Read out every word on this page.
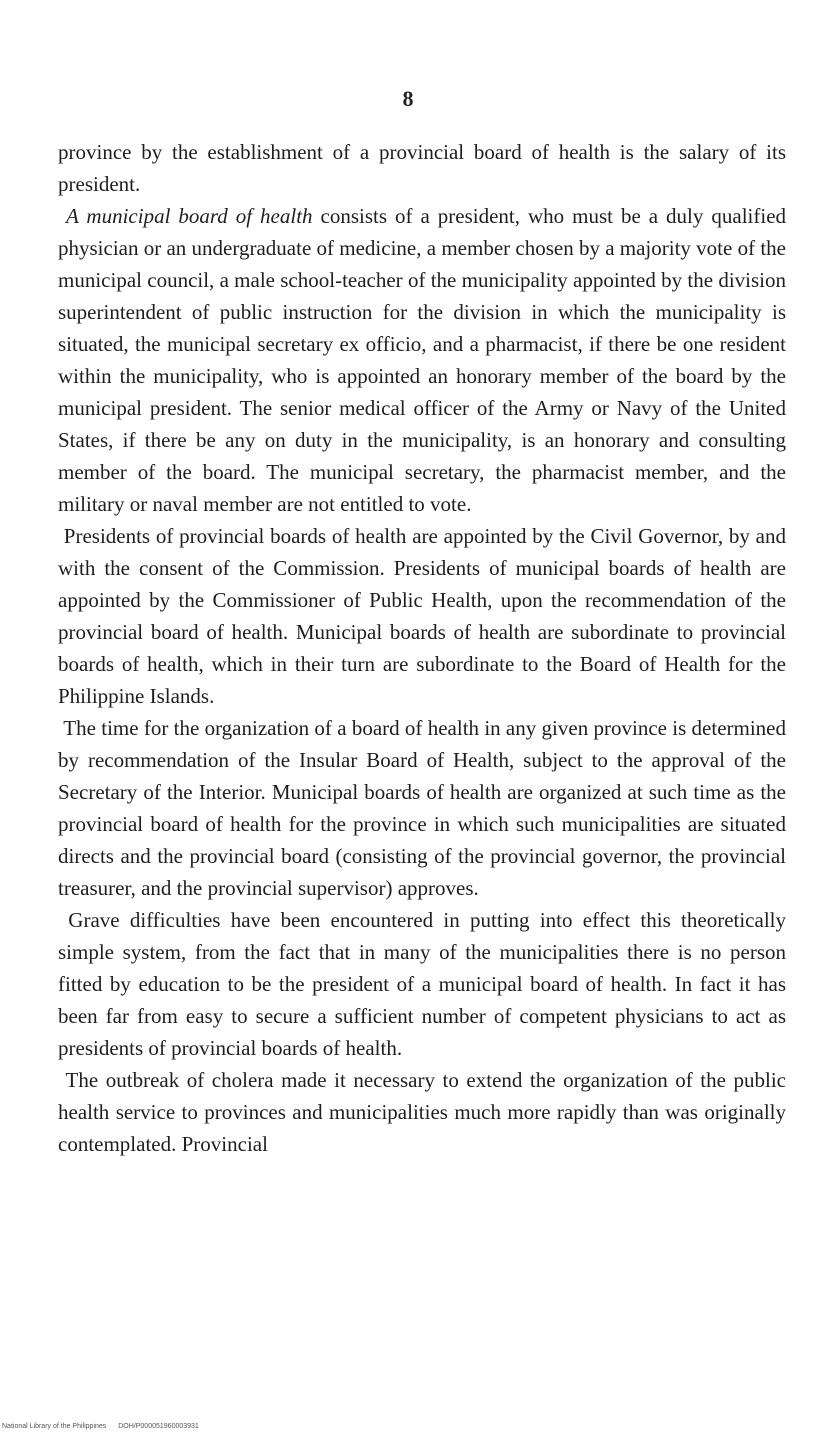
8

province by the establishment of a provincial board of health is the salary of its president.

A municipal board of health consists of a president, who must be a duly qualified physician or an undergraduate of medicine, a member chosen by a majority vote of the municipal council, a male school-teacher of the municipality appointed by the division superintendent of public instruction for the division in which the municipality is situated, the municipal secretary ex officio, and a pharmacist, if there be one resident within the municipality, who is appointed an honorary member of the board by the municipal president. The senior medical officer of the Army or Navy of the United States, if there be any on duty in the municipality, is an honorary and consulting member of the board. The municipal secretary, the pharmacist member, and the military or naval member are not entitled to vote.

Presidents of provincial boards of health are appointed by the Civil Governor, by and with the consent of the Commission. Presidents of municipal boards of health are appointed by the Commissioner of Public Health, upon the recommendation of the provincial board of health. Municipal boards of health are subordinate to provincial boards of health, which in their turn are subordinate to the Board of Health for the Philippine Islands.

The time for the organization of a board of health in any given province is determined by recommendation of the Insular Board of Health, subject to the approval of the Secretary of the Interior. Municipal boards of health are organized at such time as the provincial board of health for the province in which such municipalities are situated directs and the provincial board (consisting of the provincial governor, the provincial treasurer, and the provincial supervisor) approves.

Grave difficulties have been encountered in putting into effect this theoretically simple system, from the fact that in many of the municipalities there is no person fitted by education to be the president of a municipal board of health. In fact it has been far from easy to secure a sufficient number of competent physicians to act as presidents of provincial boards of health.

The outbreak of cholera made it necessary to extend the organization of the public health service to provinces and municipalities much more rapidly than was originally contemplated. Provincial

National Library of the Philippines DOH/P000051960003931
